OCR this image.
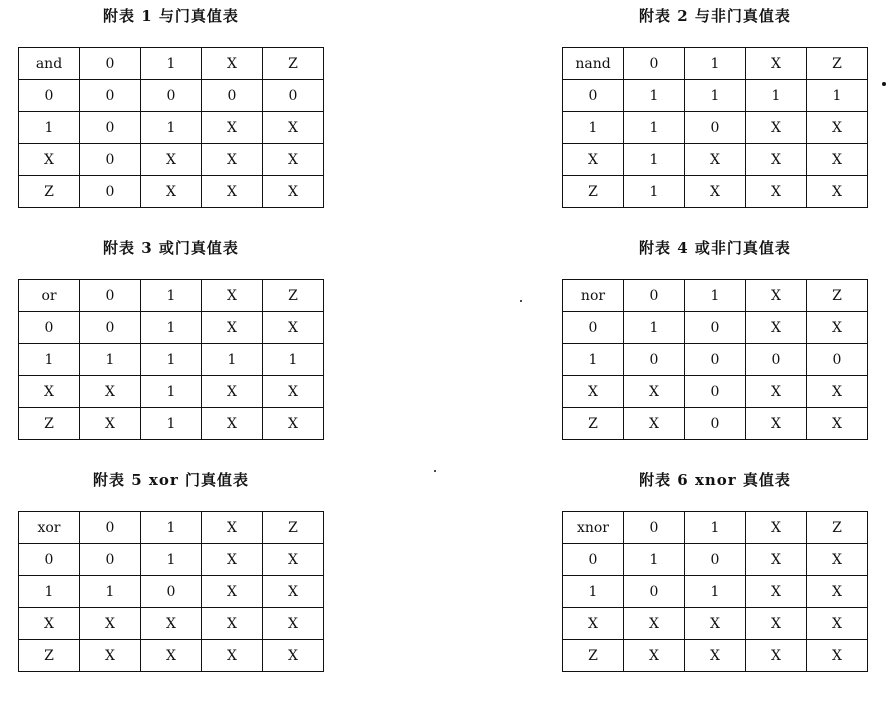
附表 1 与门真值表
and	0	1	X	Z
0	0	0	0	0
1	0	1	X	X
X	0	X	X	X
Z	0	X	X	X
附表 2 与非门真值表
nand	0	1	X	Z
0	1	1	1	1
1	1	0	X	X
X	1	X	X	X
Z	1	X	X	X
附表 3 或门真值表
or	0	1	X	Z
0	0	1	X	X
1	1	1	1	1
X	X	1	X	X
Z	X	1	X	X
附表 4 或非门真值表
nor	0	1	X	Z
0	1	0	X	X
1	0	0	0	0
X	X	0	X	X
Z	X	0	X	X
附表 5 xor 门真值表
xor	0	1	X	Z
0	0	1	X	X
1	1	0	X	X
X	X	X	X	X
Z	X	X	X	X
附表 6 xnor 真值表
xnor	0	1	X	Z
0	1	0	X	X
1	0	1	X	X
X	X	X	X	X
Z	X	X	X	X
